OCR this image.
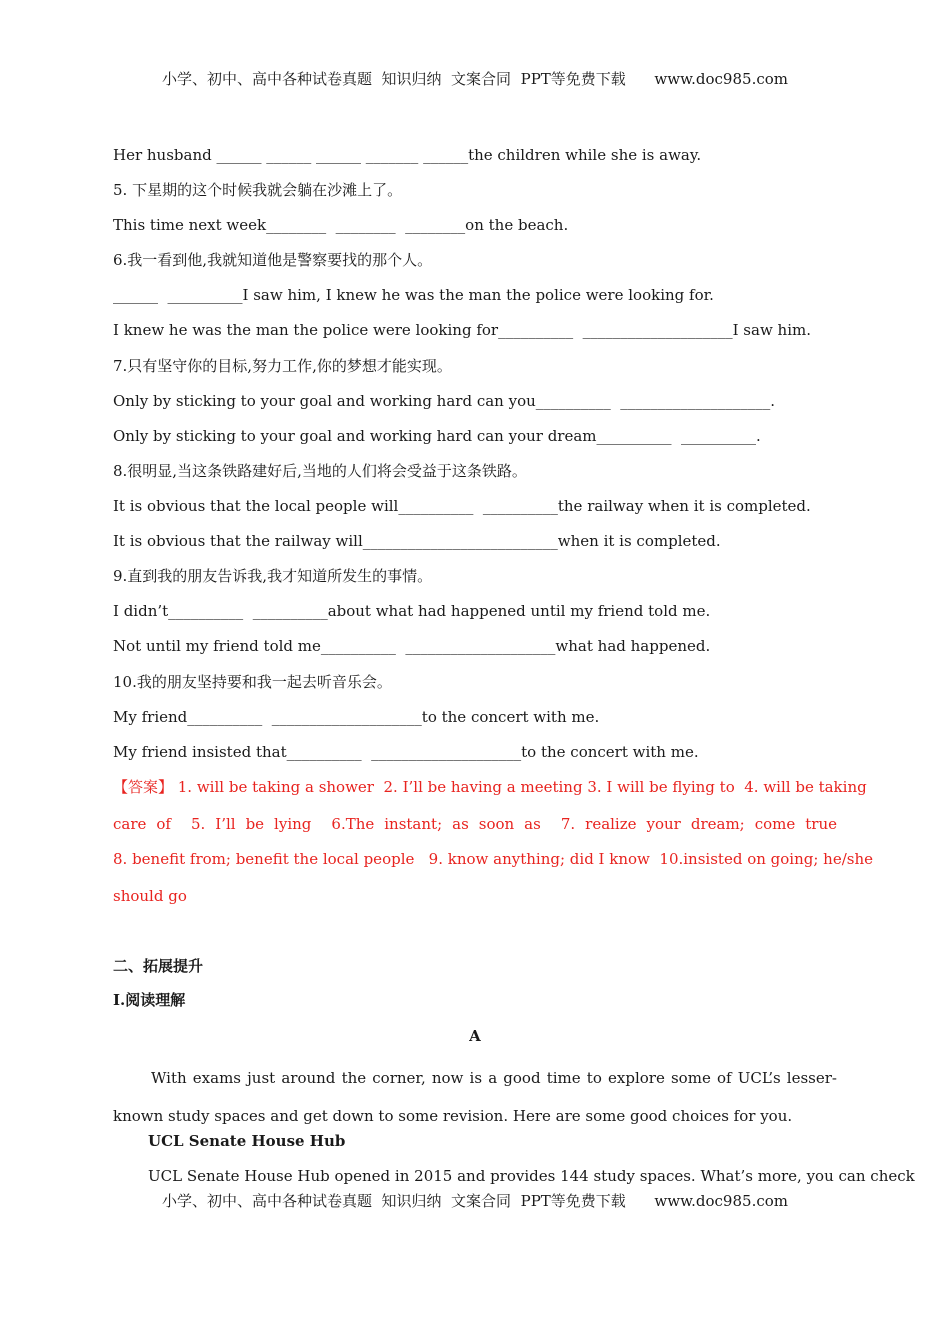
小学、初中、高中各种试卷真题  知识归纳  文案合同  PPT等免费下载      www.doc985.com
Her husband ______ ______ ______ _______ ______the children while she is away.
5. 下星期的这个时候我就会躺在沙滩上了。
This time next week________  ________  ________on the beach.
6.我一看到他,我就知道他是警察要找的那个人。
______  __________I saw him, I knew he was the man the police were looking for.
I knew he was the man the police were looking for__________  ____________________I saw him.
7.只有坚守你的目标,努力工作,你的梦想才能实现。
Only by sticking to your goal and working hard can you__________  ____________________.
Only by sticking to your goal and working hard can your dream__________  __________.
8.很明显,当这条铁路建好后,当地的人们将会受益于这条铁路。
It is obvious that the local people will__________  __________the railway when it is completed.
It is obvious that the railway will__________________________when it is completed.
9.直到我的朋友告诉我,我才知道所发生的事情。
I didn’t__________  __________about what had happened until my friend told me.
Not until my friend told me__________  ____________________what had happened.
10.我的朋友坚持要和我一起去听音乐会。
My friend__________  ____________________to the concert with me.
My friend insisted that__________  ____________________to the concert with me.
【答案】 1. will be taking a shower  2. I’ll be having a meeting 3. I will be flying to  4. will be taking
care of  5. I’ll be lying  6.The instant; as soon as  7. realize your dream; come true
8. benefit from; benefit the local people   9. know anything; did I know  10.insisted on going; he/she
should go
二、拓展提升
I.阅读理解
A
With exams just around the corner, now is a good time to explore some of UCL’s lesser-known study spaces and get down to some revision. Here are some good choices for you.
UCL Senate House Hub
UCL Senate House Hub opened in 2015 and provides 144 study spaces. What’s more, you can check
小学、初中、高中各种试卷真题  知识归纳  文案合同  PPT等免费下载      www.doc985.com
